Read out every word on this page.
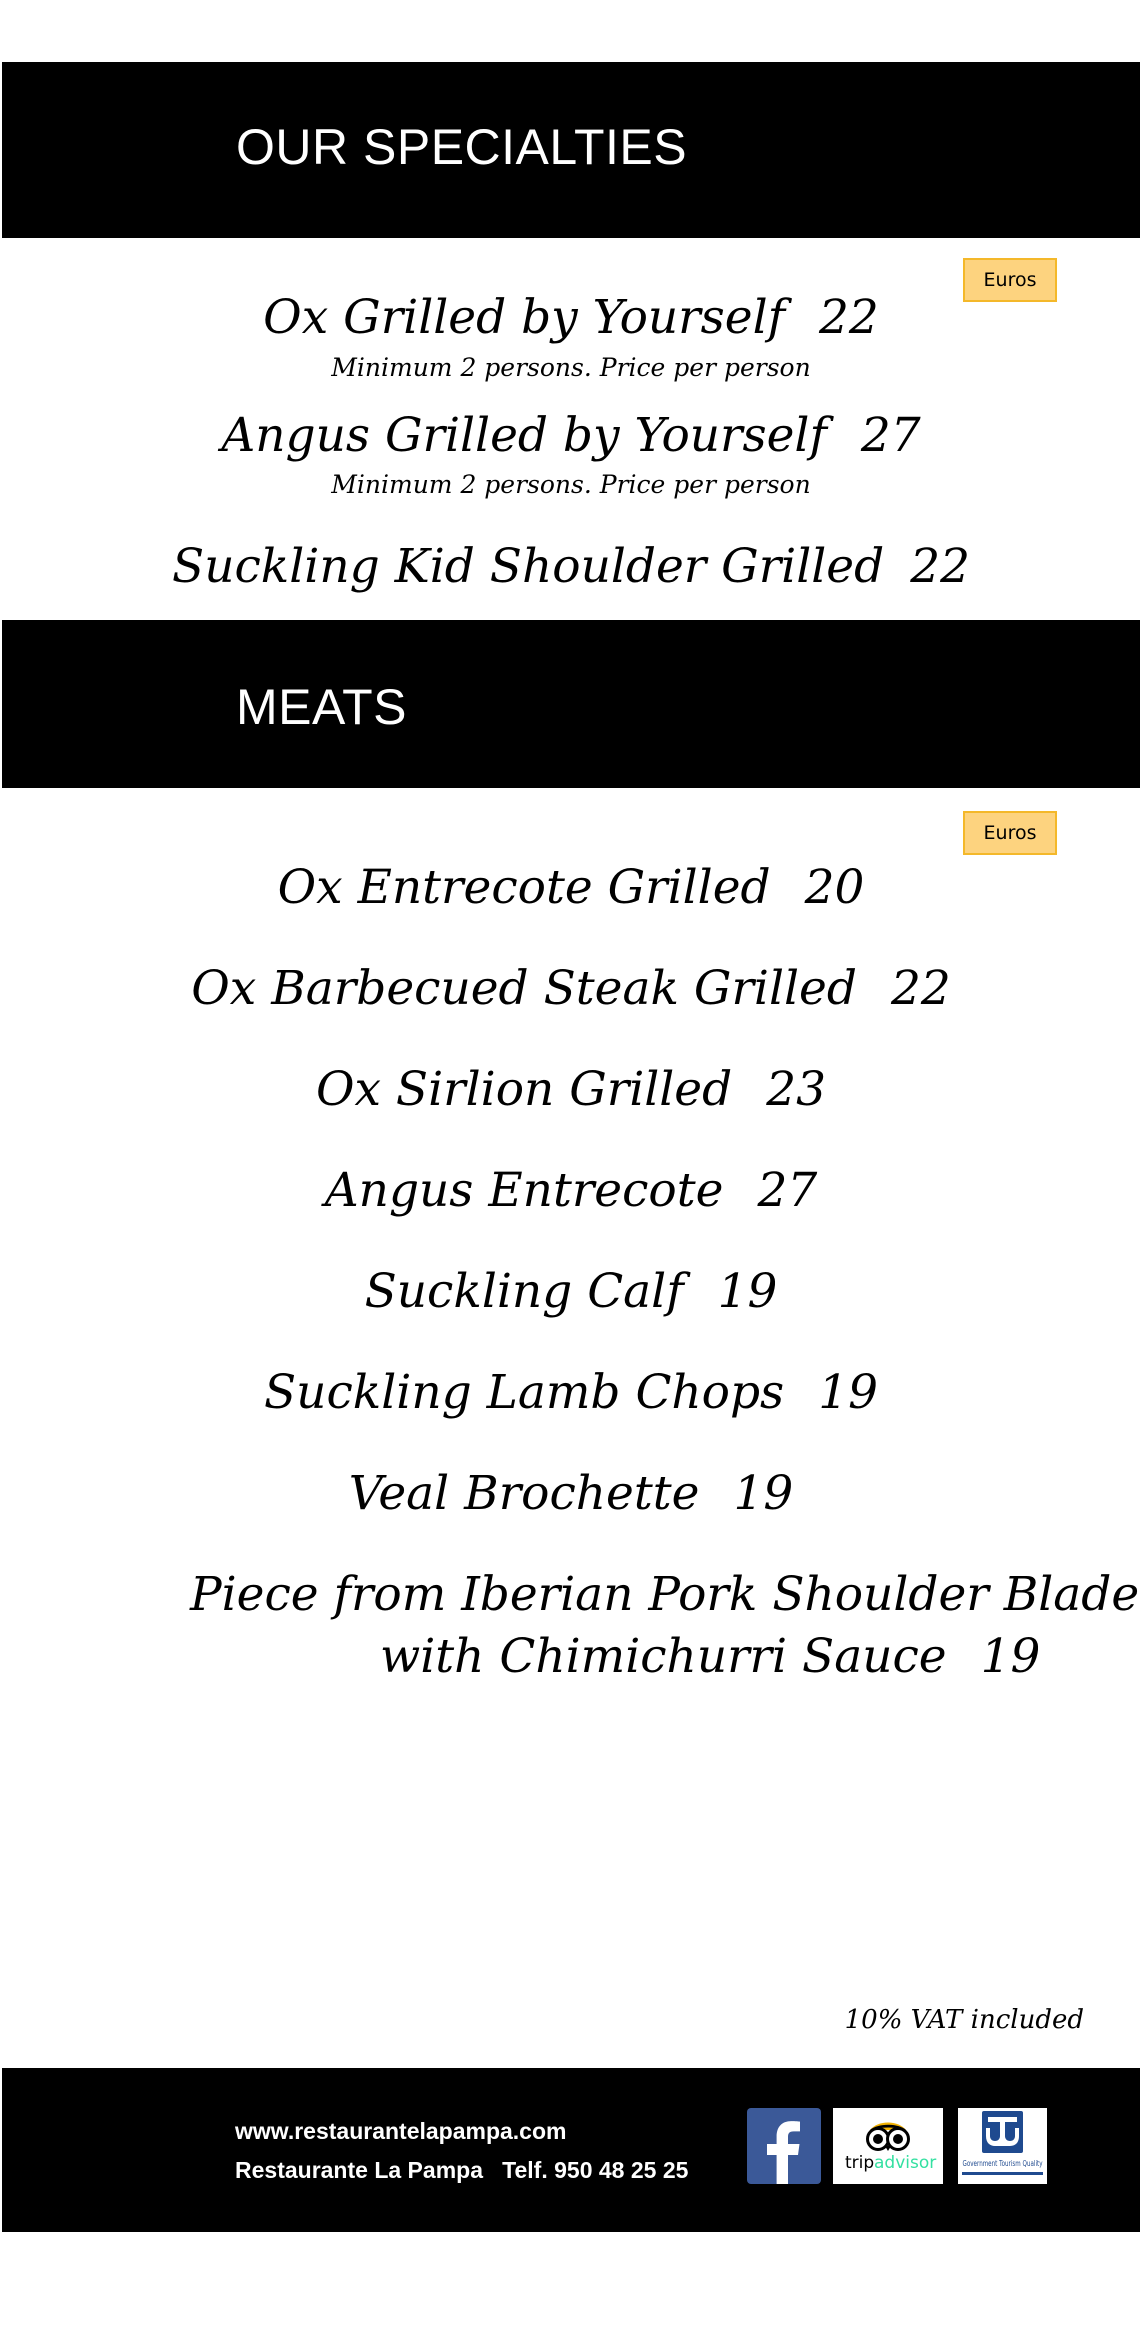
OUR SPECIALTIES
Euros
Ox Grilled by Yourself 22
Minimum 2 persons. Price per person
Angus Grilled by Yourself 27
Minimum 2 persons. Price per person
Suckling Kid Shoulder Grilled 22
MEATS
Euros
Ox Entrecote Grilled 20
Ox Barbecued Steak Grilled 22
Ox Sirlion Grilled 23
Angus Entrecote 27
Suckling Calf 19
Suckling Lamb Chops 19
Veal Brochette 19
Piece from Iberian Pork Shoulder Blade
with Chimichurri Sauce 19
10% VAT included
www.restaurantelapampa.com
Restaurante La Pampa   Telf. 950 48 25 25	trip advisor	Government Tourism Quality
